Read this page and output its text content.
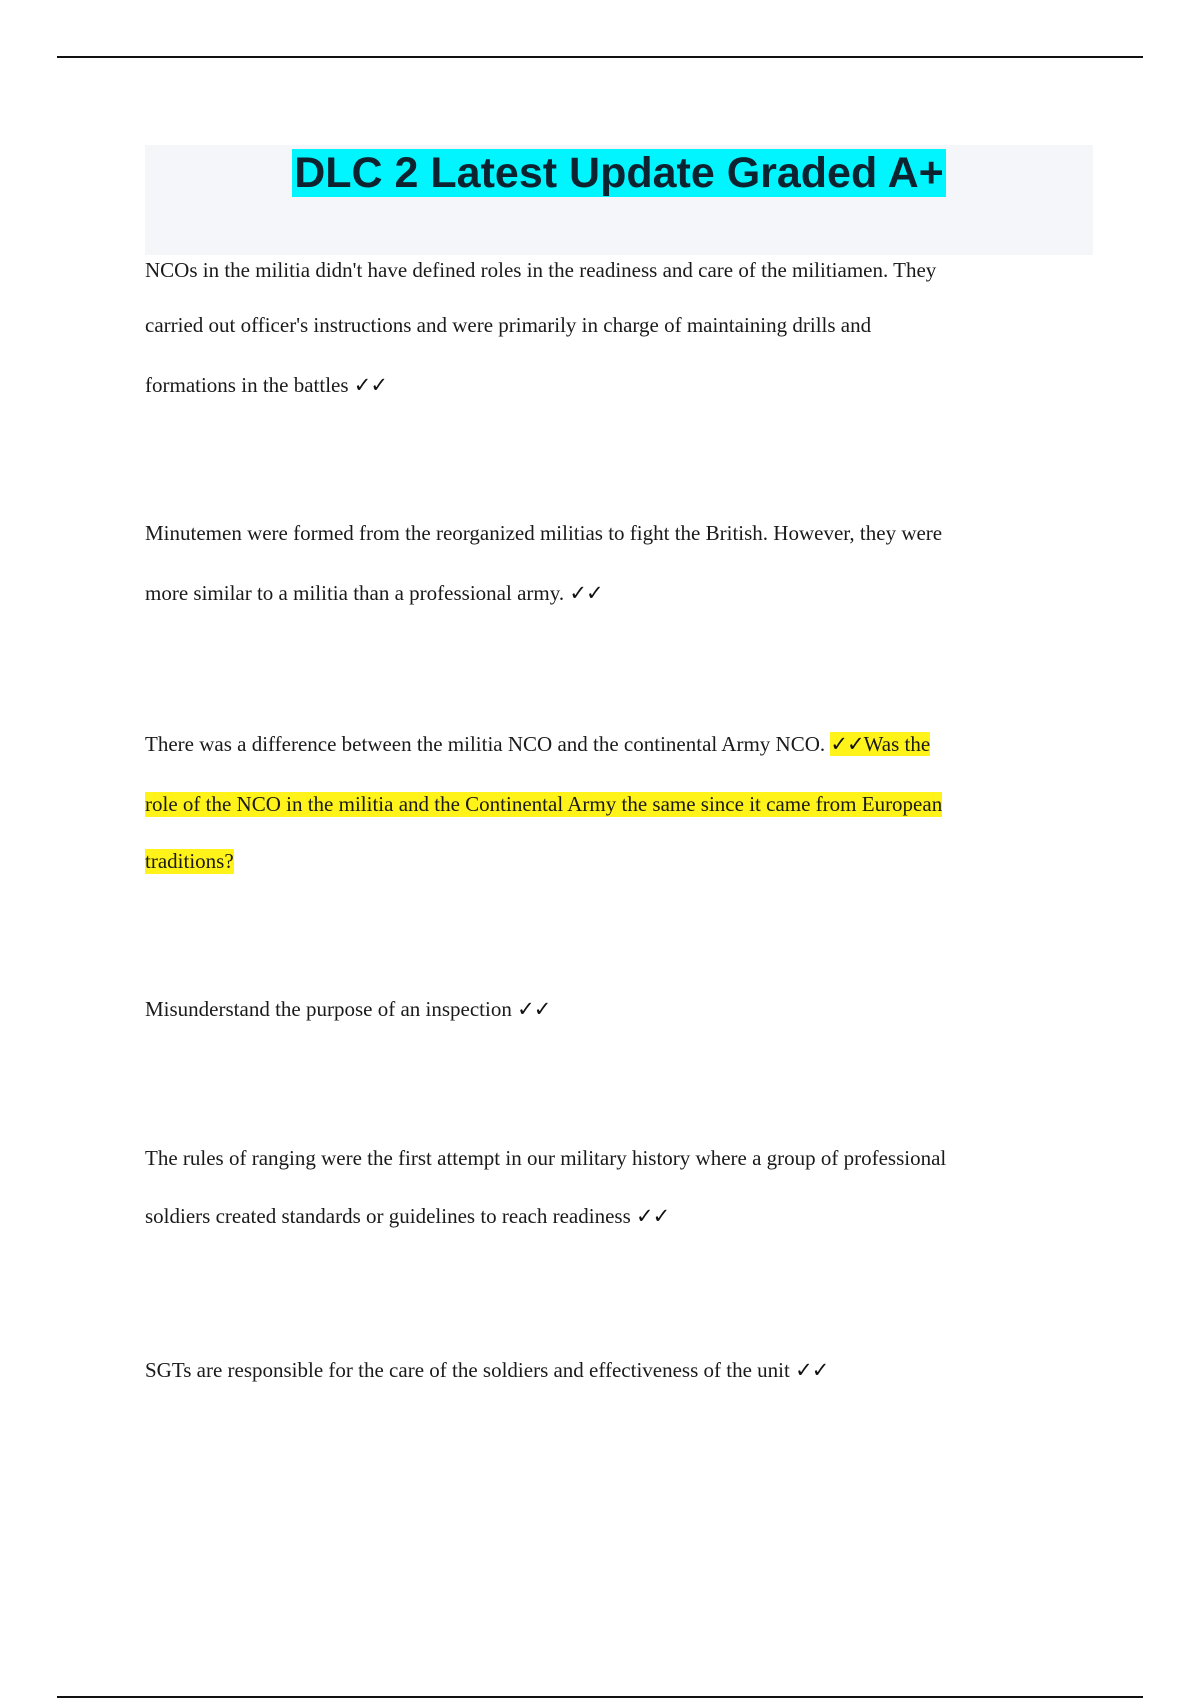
DLC 2 Latest Update Graded A+
NCOs in the militia didn't have defined roles in the readiness and care of the militiamen. They
carried out officer's instructions and were primarily in charge of maintaining drills and
formations in the battles ✓✓
Minutemen were formed from the reorganized militias to fight the British. However, they were
more similar to a militia than a professional army. ✓✓
There was a difference between the militia NCO and the continental Army NCO. ✓✓Was the
role of the NCO in the militia and the Continental Army the same since it came from European
traditions?
Misunderstand the purpose of an inspection ✓✓
The rules of ranging were the first attempt in our military history where a group of professional
soldiers created standards or guidelines to reach readiness ✓✓
SGTs are responsible for the care of the soldiers and effectiveness of the unit ✓✓
